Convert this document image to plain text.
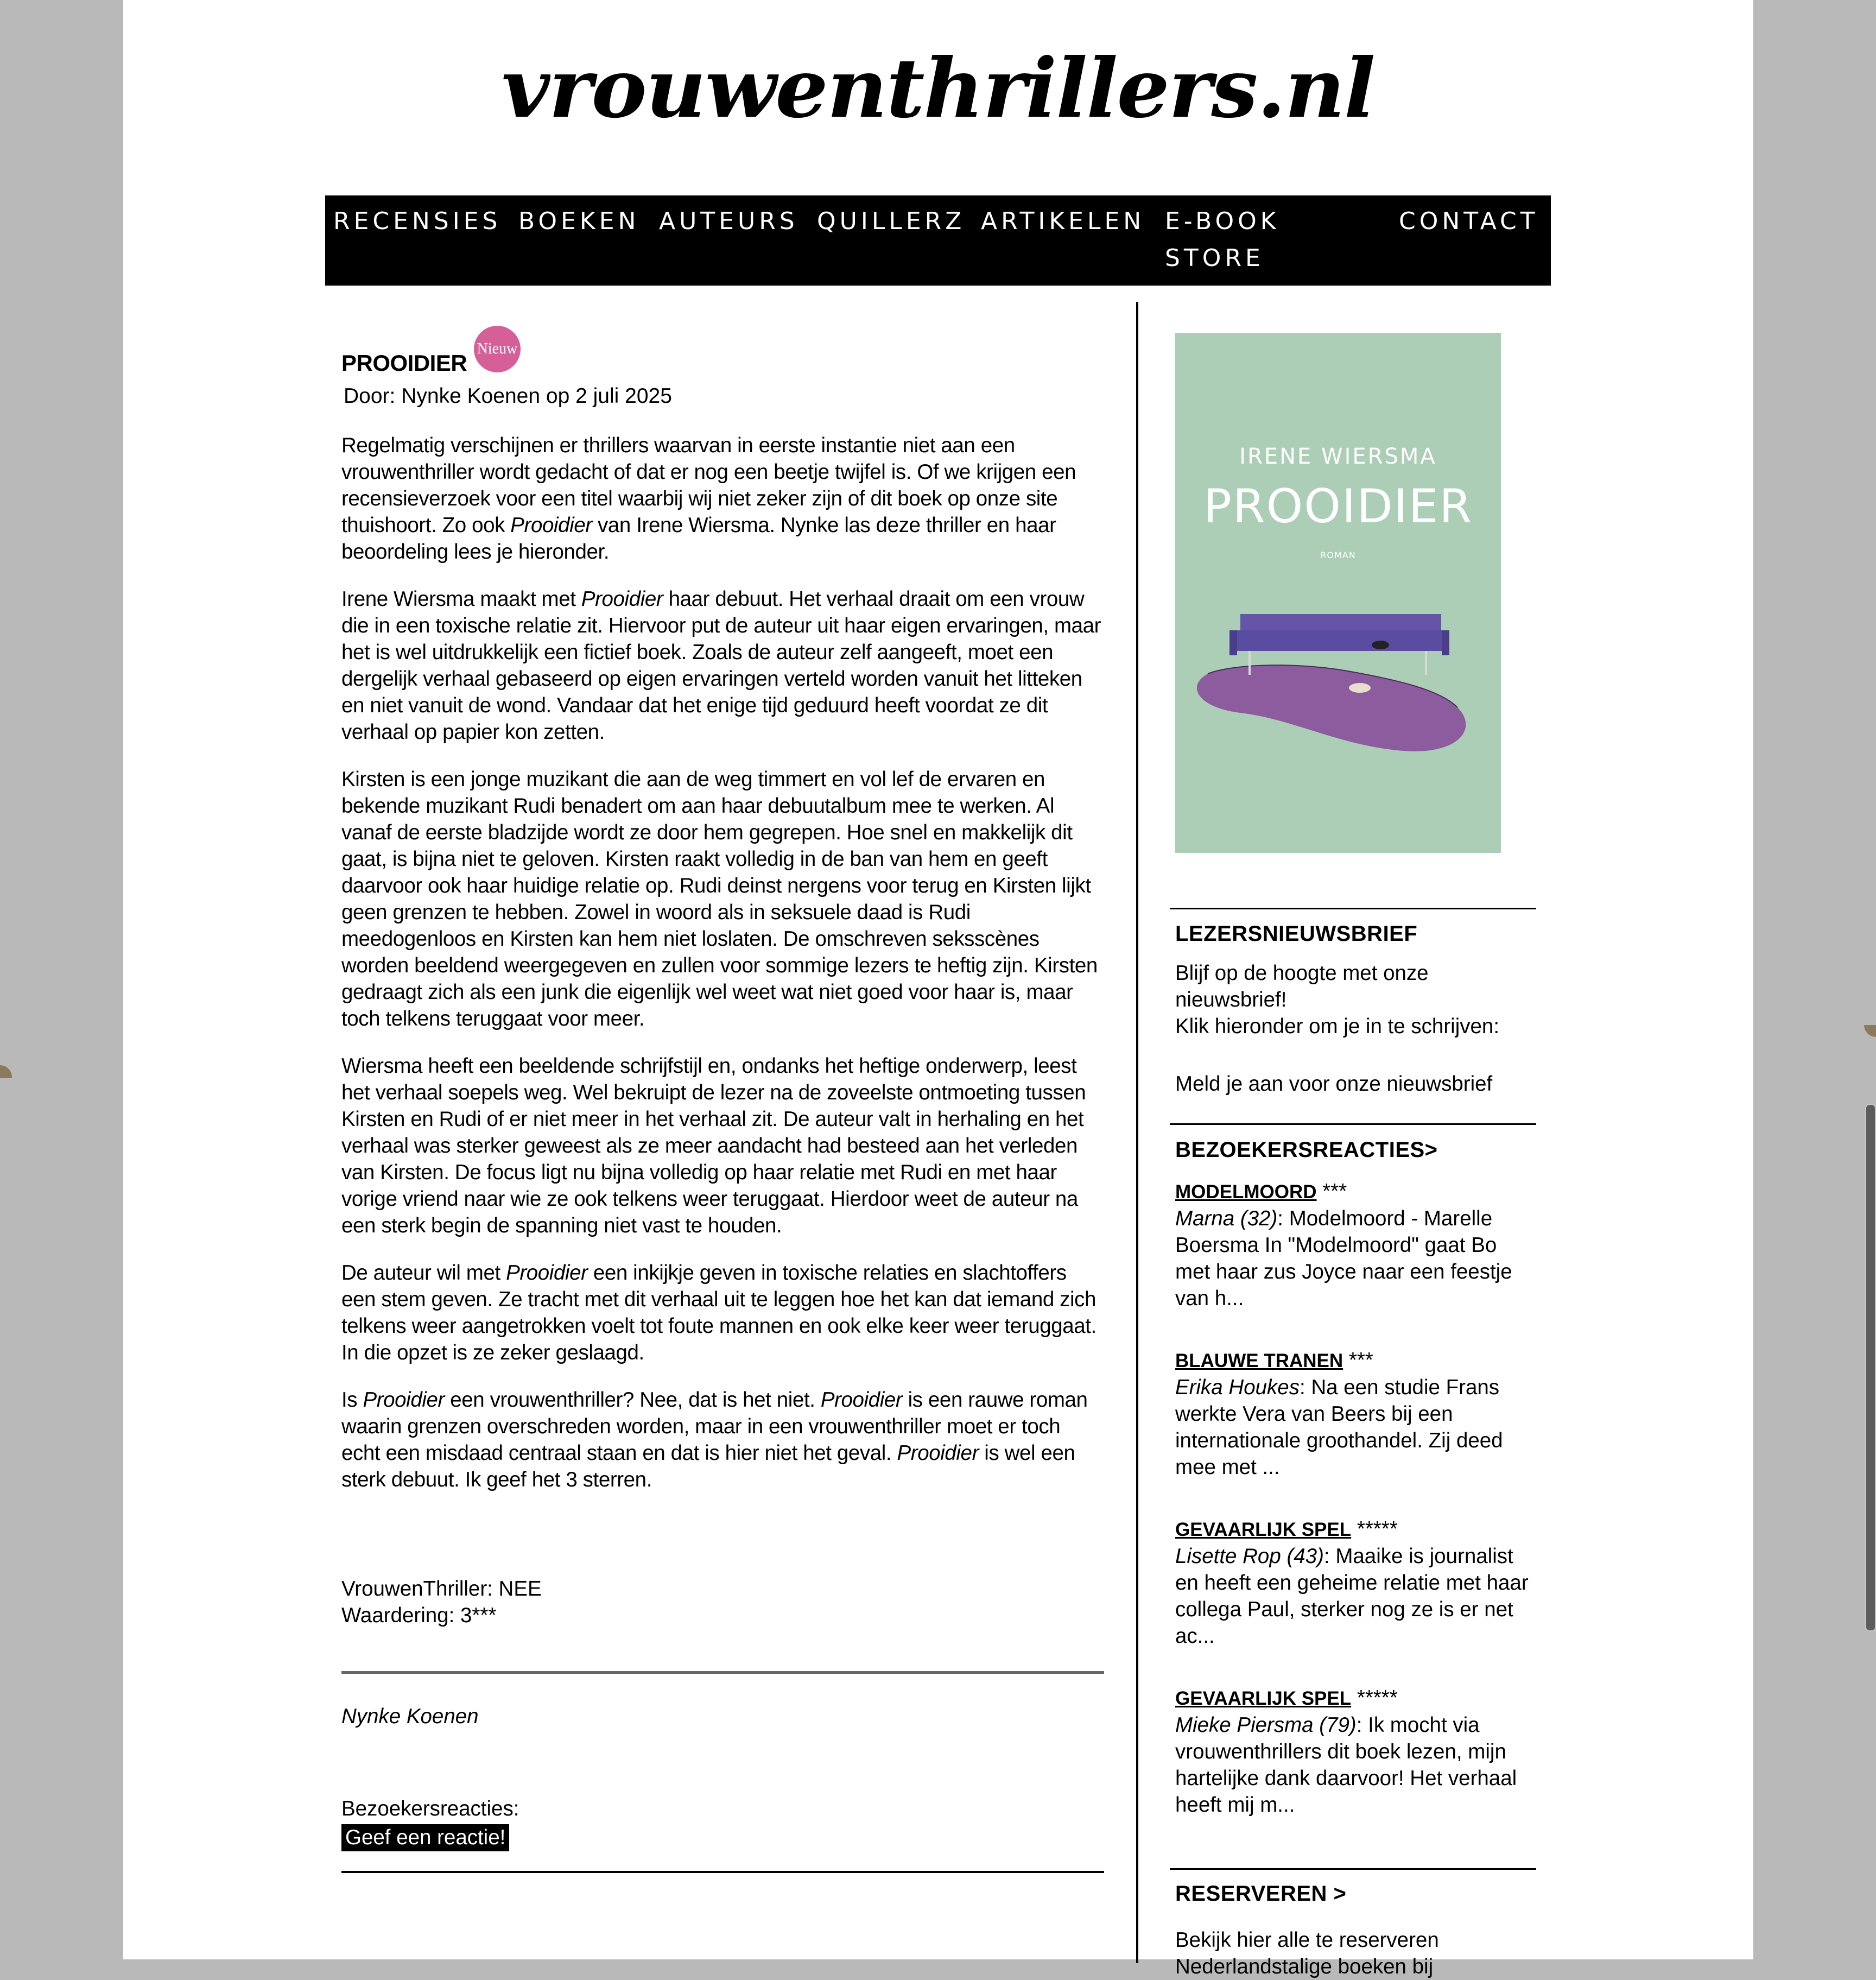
vrouwenthrillers.nl
RECENSIES BOEKEN AUTEURS QUILLERZ ARTIKELEN E-BOOK
STORE
CONTACT
PROOIDIER
Nieuw
Door: Nynke Koenen op 2 juli 2025

Regelmatig verschijnen er thrillers waarvan in eerste instantie niet aan een vrouwenthriller wordt gedacht of dat er nog een beetje twijfel is. Of we krijgen een recensieverzoek voor een titel waarbij wij niet zeker zijn of dit boek op onze site thuishoort. Zo ook Prooidier van Irene Wiersma. Nynke las deze thriller en haar beoordeling lees je hieronder.

Irene Wiersma maakt met Prooidier haar debuut. Het verhaal draait om een vrouw die in een toxische relatie zit. Hiervoor put de auteur uit haar eigen ervaringen, maar het is wel uitdrukkelijk een fictief boek. Zoals de auteur zelf aangeeft, moet een dergelijk verhaal gebaseerd op eigen ervaringen verteld worden vanuit het litteken en niet vanuit de wond. Vandaar dat het enige tijd geduurd heeft voordat ze dit verhaal op papier kon zetten.

Kirsten is een jonge muzikant die aan de weg timmert en vol lef de ervaren en bekende muzikant Rudi benadert om aan haar debuutalbum mee te werken. Al vanaf de eerste bladzijde wordt ze door hem gegrepen. Hoe snel en makkelijk dit gaat, is bijna niet te geloven. Kirsten raakt volledig in de ban van hem en geeft daarvoor ook haar huidige relatie op. Rudi deinst nergens voor terug en Kirsten lijkt geen grenzen te hebben. Zowel in woord als in seksuele daad is Rudi meedogenloos en Kirsten kan hem niet loslaten. De omschreven seksscènes worden beeldend weergegeven en zullen voor sommige lezers te heftig zijn. Kirsten gedraagt zich als een junk die eigenlijk wel weet wat niet goed voor haar is, maar toch telkens teruggaat voor meer.

Wiersma heeft een beeldende schrijfstijl en, ondanks het heftige onderwerp, leest het verhaal soepels weg. Wel bekruipt de lezer na de zoveelste ontmoeting tussen Kirsten en Rudi of er niet meer in het verhaal zit. De auteur valt in herhaling en het verhaal was sterker geweest als ze meer aandacht had besteed aan het verleden van Kirsten. De focus ligt nu bijna volledig op haar relatie met Rudi en met haar vorige vriend naar wie ze ook telkens weer teruggaat. Hierdoor weet de auteur na een sterk begin de spanning niet vast te houden.

De auteur wil met Prooidier een inkijkje geven in toxische relaties en slachtoffers een stem geven. Ze tracht met dit verhaal uit te leggen hoe het kan dat iemand zich telkens weer aangetrokken voelt tot foute mannen en ook elke keer weer teruggaat. In die opzet is ze zeker geslaagd.

Is Prooidier een vrouwenthriller? Nee, dat is het niet. Prooidier is een rauwe roman waarin grenzen overschreden worden, maar in een vrouwenthriller moet er toch echt een misdaad centraal staan en dat is hier niet het geval. Prooidier is wel een sterk debuut. Ik geef het 3 sterren.

VrouwenThriller: NEE
Waardering: 3***
Nynke Koenen
Bezoekersreacties:
Geef een reactie!
IRENE WIERSMA
PROOIDIER
ROMAN
LEZERSNIEUWSBRIEF
Blijf op de hoogte met onze nieuwsbrief!
Klik hieronder om je in te schrijven:
Meld je aan voor onze nieuwsbrief
BEZOEKERSREACTIES>
MODELMOORD ***
Marna (32): Modelmoord - Marelle Boersma In "Modelmoord" gaat Bo met haar zus Joyce naar een feestje van h...
BLAUWE TRANEN ***
Erika Houkes: Na een studie Frans werkte Vera van Beers bij een internationale groothandel. Zij deed mee met ...
GEVAARLIJK SPEL *****
Lisette Rop (43): Maaike is journalist en heeft een geheime relatie met haar collega Paul, sterker nog ze is er net ac...
GEVAARLIJK SPEL *****
Mieke Piersma (79): Ik mocht via vrouwenthrillers dit boek lezen, mijn hartelijke dank daarvoor! Het verhaal heeft mij m...
RESERVEREN >
Bekijk hier alle te reserveren
Nederlandstalige boeken bij
